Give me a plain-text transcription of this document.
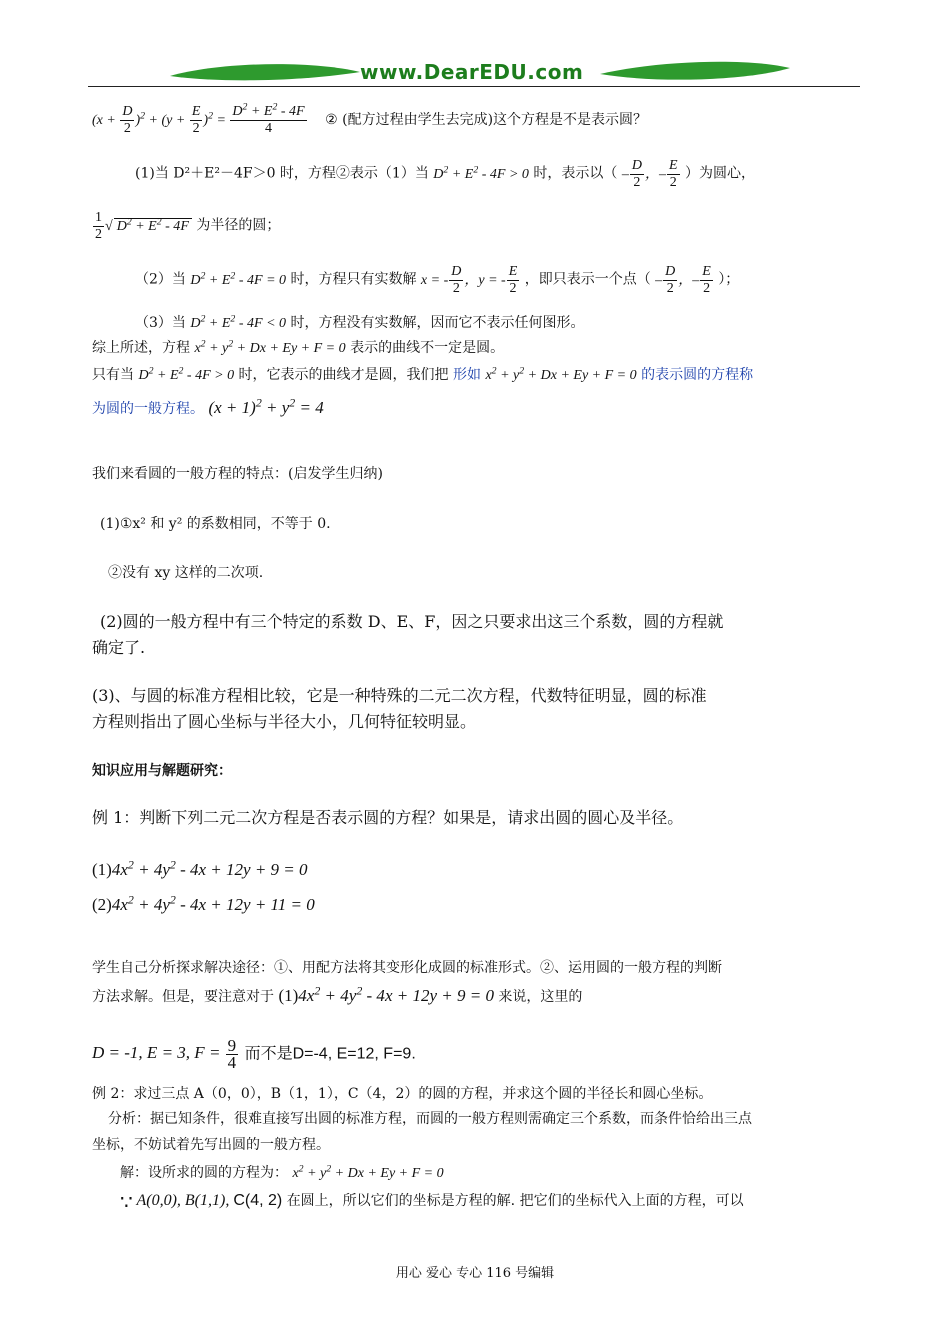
www.DearEDU.com
$(x + \frac{D}{2} )^2 + (y + \frac{E}{2} )^2 = \frac{D^2 + E^2 - 4F}{4}$ ② (配方过程由学生去完成)这个方程是不是表示圆？
(1)当 D²＋E²－4F＞0 时，方程②表示（1）当 $D^2 + E^2 - 4F > 0$ 时，表示以（ – $\frac{D}{2}$ ，– $\frac{E}{2}$ ）为圆心，
$\frac{1}{2}$ √ $D^2 + E^2 - 4F$ 为半径的圆；
（2）当 $D^2 + E^2 - 4F = 0$ 时，方程只有实数解 x = - $\frac{D}{2}$ ，y = - $\frac{E}{2}$ ，即只表示一个点（ – $\frac{D}{2}$ ，– $\frac{E}{2}$ ）；
（3）当 $D^2 + E^2 - 4F < 0$ 时，方程没有实数解，因而它不表示任何图形。
综上所述，方程 $x^2 + y^2 + Dx + Ey + F = 0$ 表示的曲线不一定是圆。
只有当 $D^2 + E^2 - 4F > 0$ 时，它表示的曲线才是圆，我们把 形如 $x^2 + y^2 + Dx + Ey + F = 0$ 的表示圆的方程称
为圆的一般方程。 $(x + 1)^2 + y^2 = 4$
我们来看圆的一般方程的特点：(启发学生归纳)
(1)①x² 和 y² 的系数相同，不等于 0.
②没有 xy 这样的二次项.
(2)圆的一般方程中有三个特定的系数 D、E、F，因之只要求出这三个系数，圆的方程就
确定了.
(3)、与圆的标准方程相比较，它是一种特殊的二元二次方程，代数特征明显，圆的标准
方程则指出了圆心坐标与半径大小，几何特征较明显。
知识应用与解题研究：
例 1：判断下列二元二次方程是否表示圆的方程？如果是，请求出圆的圆心及半径。
$(1)4x^2 + 4y^2 - 4x + 12y + 9 = 0$
$(2)4x^2 + 4y^2 - 4x + 12y + 11 = 0$
学生自己分析探求解决途径：①、用配方法将其变形化成圆的标准形式。②、运用圆的一般方程的判断
方法求解。但是，要注意对于 $(1)4x^2 + 4y^2 - 4x + 12y + 9 = 0$ 来说，这里的
D = -1, E = 3, $F = \frac{9}{4}$ 而不是D=-4, E=12, F=9.
例 2：求过三点 A（0，0），B（1，1），C（4，2）的圆的方程，并求这个圆的半径长和圆心坐标。
分析：据已知条件，很难直接写出圆的标准方程，而圆的一般方程则需确定三个系数，而条件恰给出三点
坐标，不妨试着先写出圆的一般方程。
解：设所求的圆的方程为： $x^2 + y^2 + Dx + Ey + F = 0$
∵ A(0,0), B(1,1), C(4, 2) 在圆上，所以它们的坐标是方程的解. 把它们的坐标代入上面的方程，可以
用心 爱心 专心 116 号编辑
